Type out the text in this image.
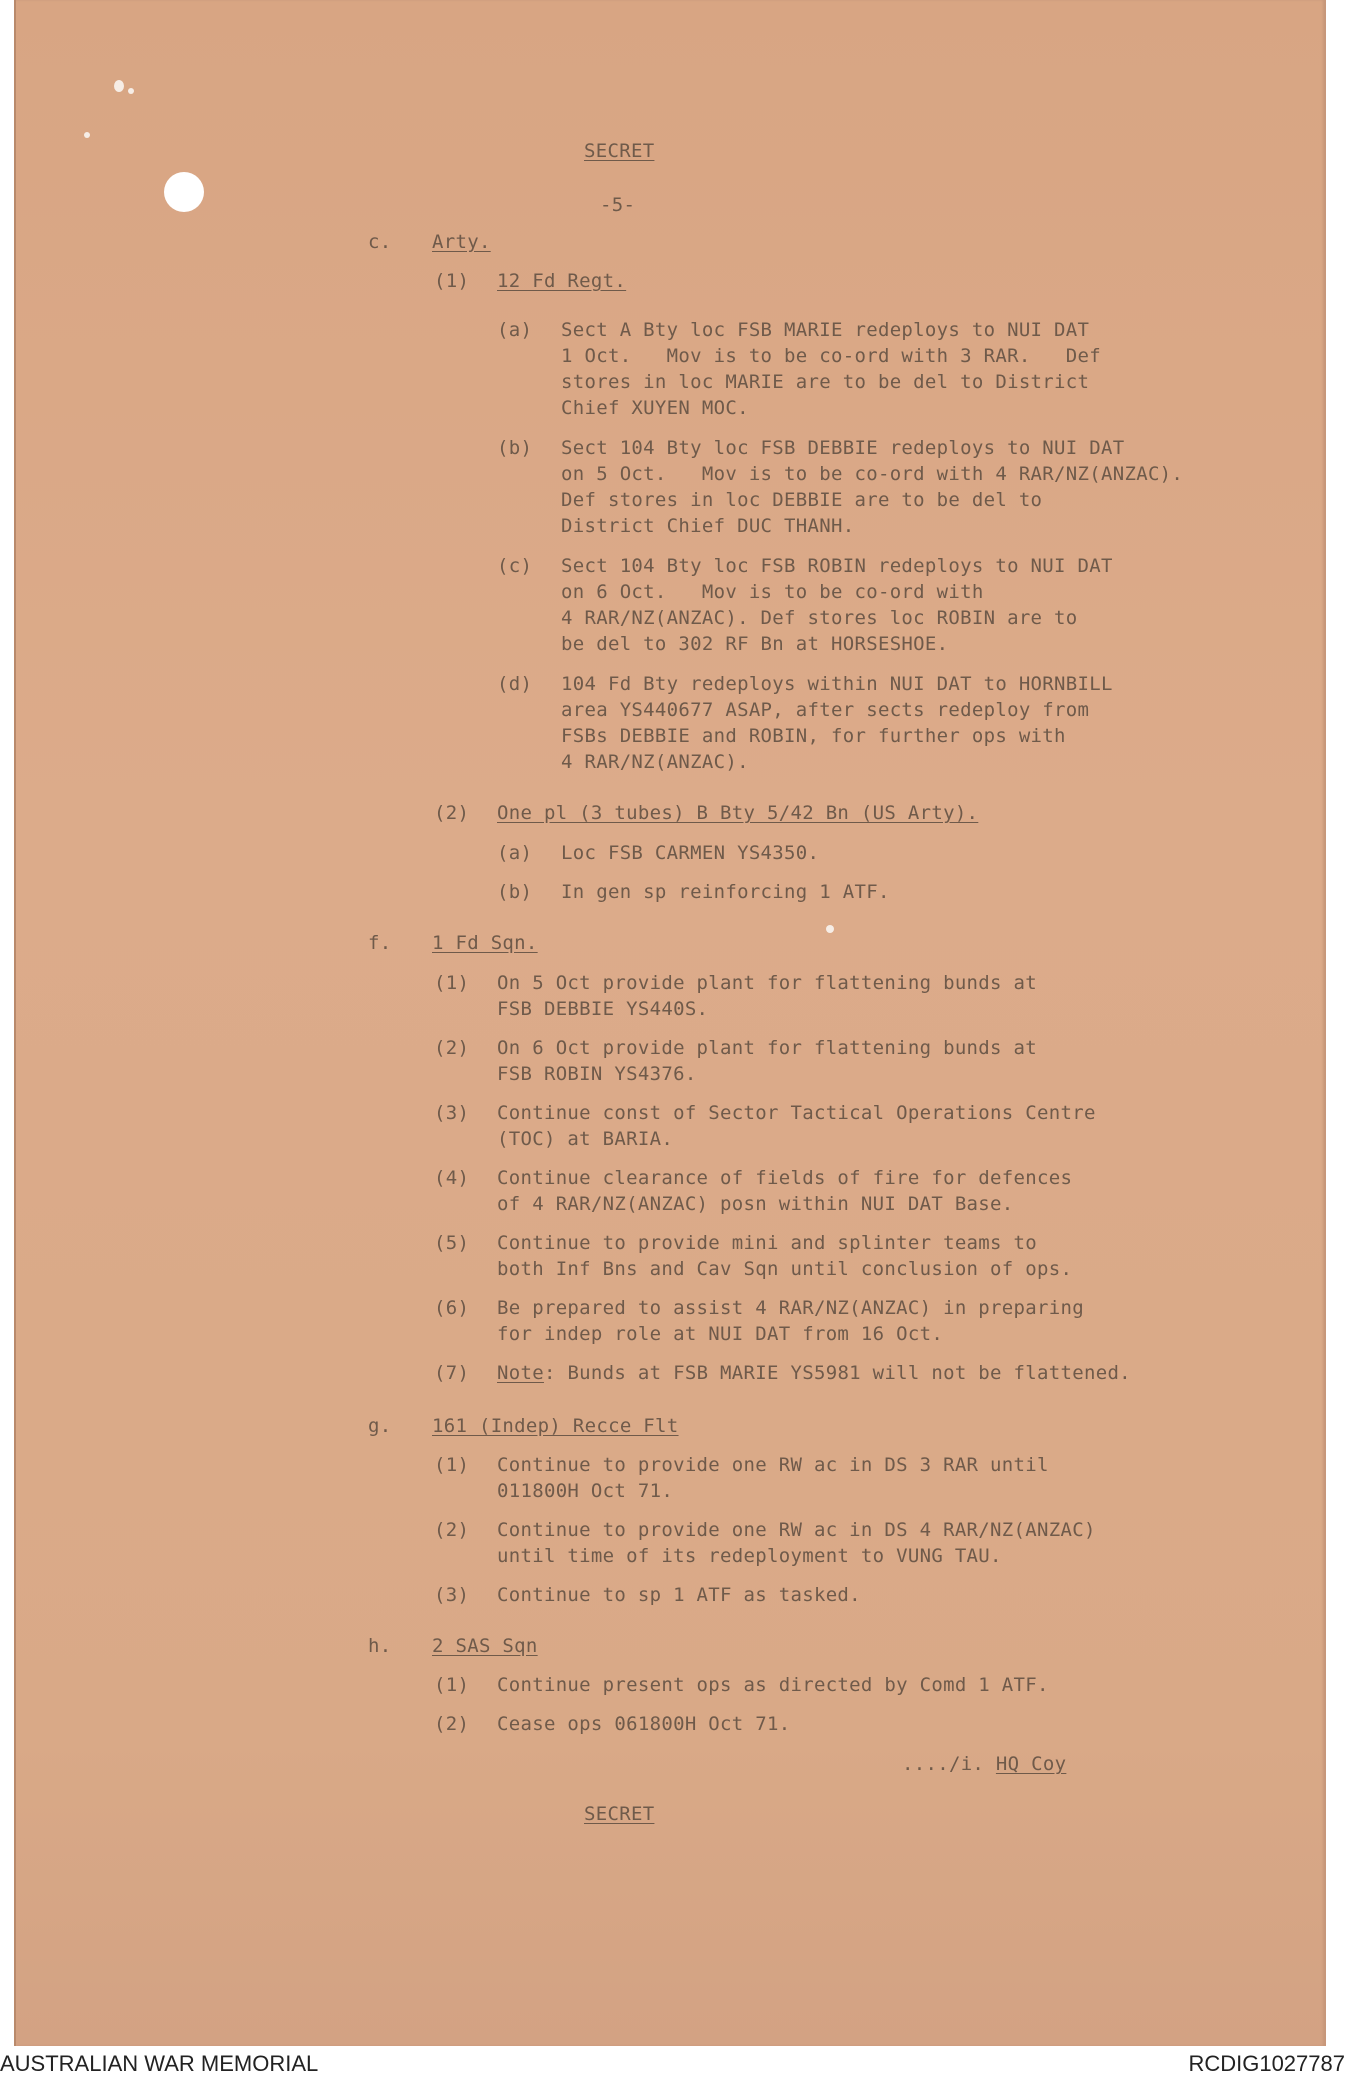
SECRET
-5-
c. Arty.
(1) 12 Fd Regt.
(a) Sect A Bty loc FSB MARIE redeploys to NUI DAT
1 Oct.   Mov is to be co-ord with 3 RAR.   Def
stores in loc MARIE are to be del to District
Chief XUYEN MOC.
(b) Sect 104 Bty loc FSB DEBBIE redeploys to NUI DAT
on 5 Oct.   Mov is to be co-ord with 4 RAR/NZ(ANZAC).
Def stores in loc DEBBIE are to be del to
District Chief DUC THANH.
(c) Sect 104 Bty loc FSB ROBIN redeploys to NUI DAT
on 6 Oct.   Mov is to be co-ord with
4 RAR/NZ(ANZAC). Def stores loc ROBIN are to
be del to 302 RF Bn at HORSESHOE.
(d) 104 Fd Bty redeploys within NUI DAT to HORNBILL
area YS440677 ASAP, after sects redeploy from
FSBs DEBBIE and ROBIN, for further ops with
4 RAR/NZ(ANZAC).
(2) One pl (3 tubes) B Bty 5/42 Bn (US Arty).
(a) Loc FSB CARMEN YS4350.
(b) In gen sp reinforcing 1 ATF.
f. 1 Fd Sqn.
(1) On 5 Oct provide plant for flattening bunds at
FSB DEBBIE YS440S.
(2) On 6 Oct provide plant for flattening bunds at
FSB ROBIN YS4376.
(3) Continue const of Sector Tactical Operations Centre
(TOC) at BARIA.
(4) Continue clearance of fields of fire for defences
of 4 RAR/NZ(ANZAC) posn within NUI DAT Base.
(5) Continue to provide mini and splinter teams to
both Inf Bns and Cav Sqn until conclusion of ops.
(6) Be prepared to assist 4 RAR/NZ(ANZAC) in preparing
for indep role at NUI DAT from 16 Oct.
(7) Note: Bunds at FSB MARIE YS5981 will not be flattened.
g. 161 (Indep) Recce Flt
(1) Continue to provide one RW ac in DS 3 RAR until
011800H Oct 71.
(2) Continue to provide one RW ac in DS 4 RAR/NZ(ANZAC)
until time of its redeployment to VUNG TAU.
(3) Continue to sp 1 ATF as tasked.
h. 2 SAS Sqn
(1) Continue present ops as directed by Comd 1 ATF.
(2) Cease ops 061800H Oct 71.
..../i. HQ Coy
SECRET
AUSTRALIAN WAR MEMORIAL	RCDIG1027787
